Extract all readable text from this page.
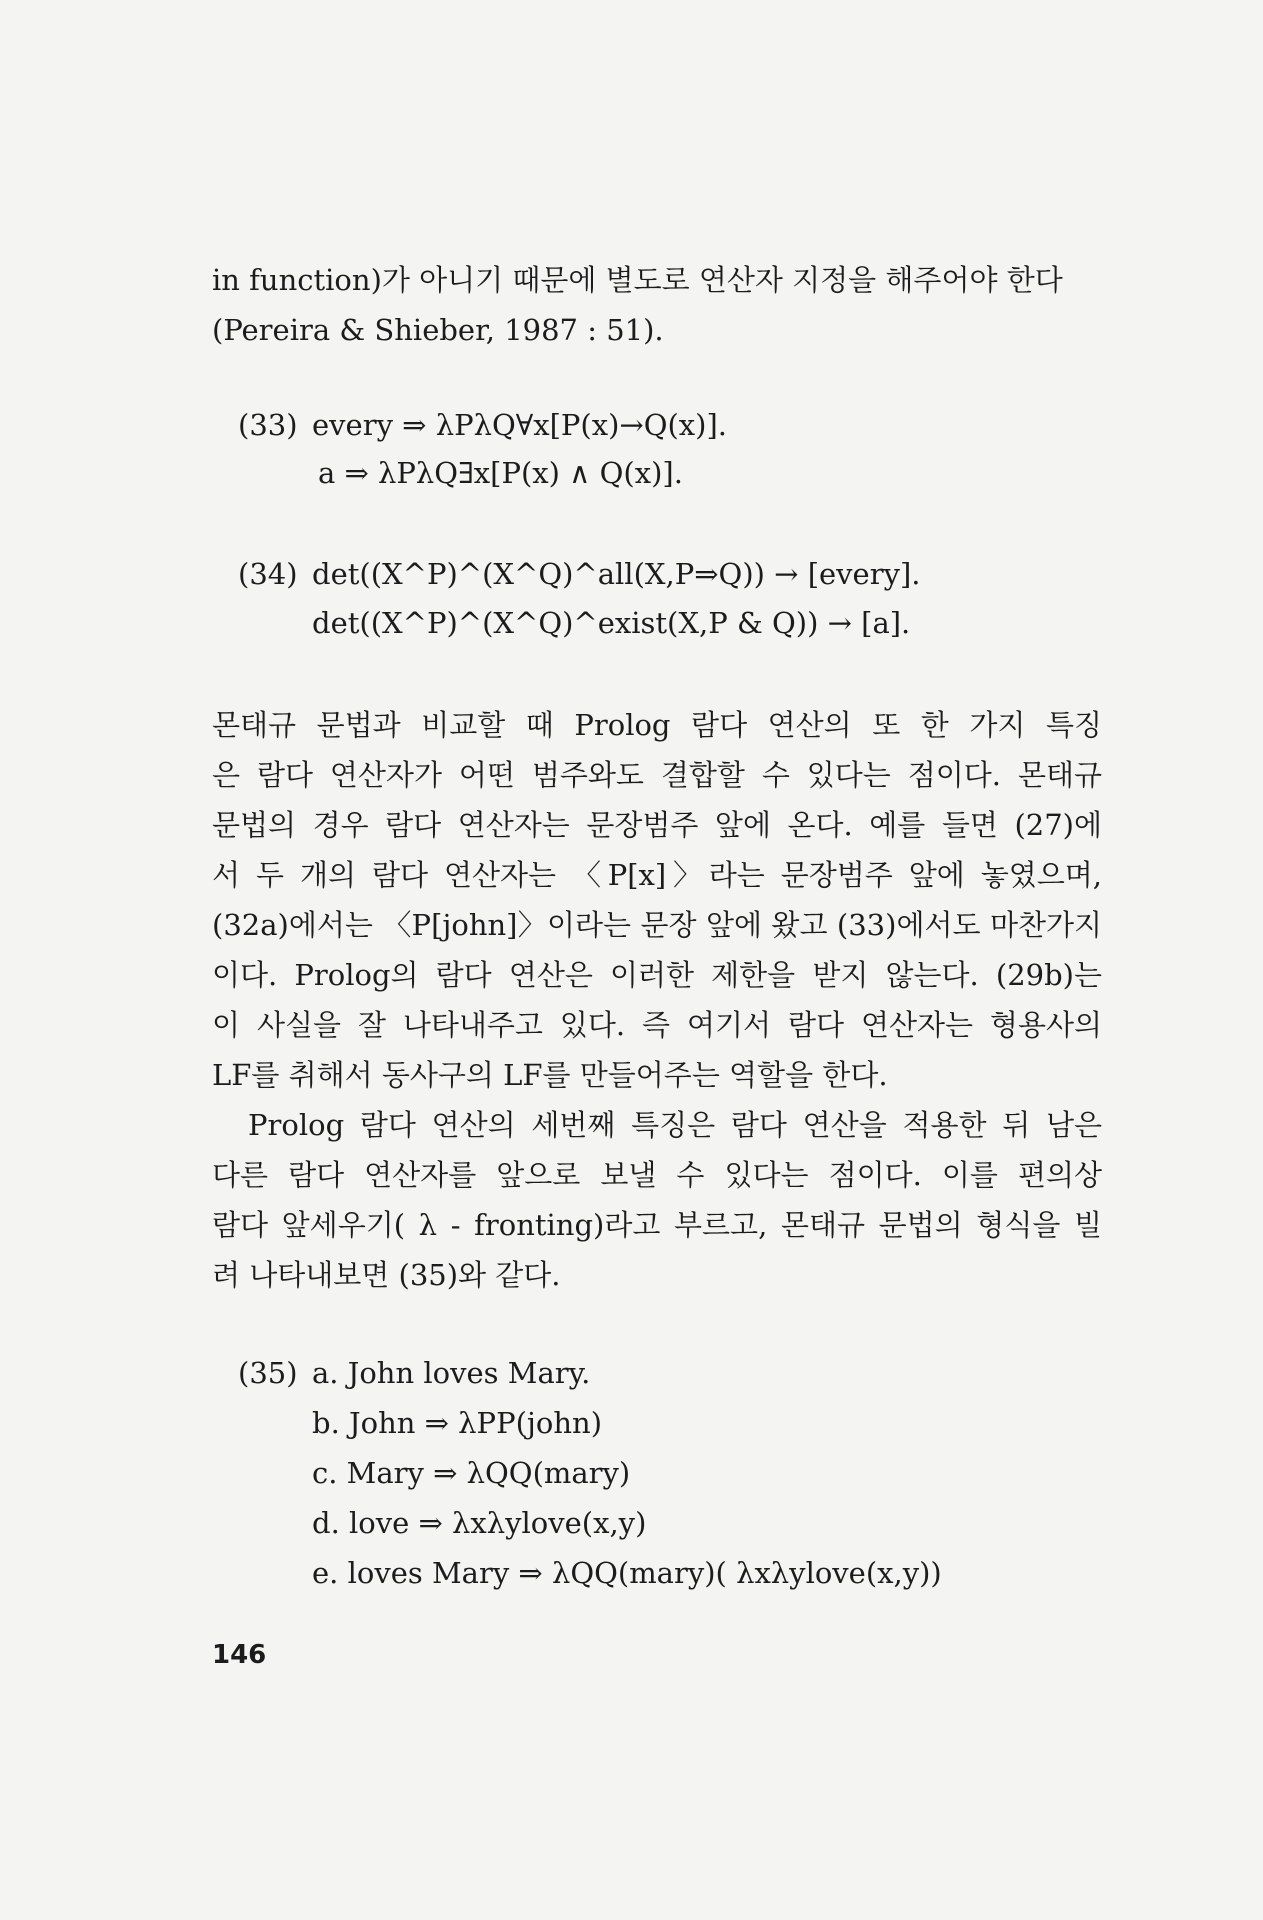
in function)가 아니기 때문에 별도로 연산자 지정을 해주어야 한다
(Pereira & Shieber, 1987 : 51).
(33) every ⇒ λPλQ∀x[P(x)→Q(x)].
a ⇒ λPλQ∃x[P(x) ∧ Q(x)].
(34) det((X^P)^(X^Q)^all(X,P⇒Q)) → [every].
det((X^P)^(X^Q)^exist(X,P & Q)) → [a].

몬태규 문법과 비교할 때 Prolog 람다 연산의 또 한 가지 특징
은 람다 연산자가 어떤 범주와도 결합할 수 있다는 점이다. 몬태규
문법의 경우 람다 연산자는 문장범주 앞에 온다. 예를 들면 (27)에
서 두 개의 람다 연산자는 〈P[x]〉라는 문장범주 앞에 놓였으며,
(32a)에서는 〈P[john]〉이라는 문장 앞에 왔고 (33)에서도 마찬가지
이다. Prolog의 람다 연산은 이러한 제한을 받지 않는다. (29b)는
이 사실을 잘 나타내주고 있다. 즉 여기서 람다 연산자는 형용사의
LF를 취해서 동사구의 LF를 만들어주는 역할을 한다.

Prolog 람다 연산의 세번째 특징은 람다 연산을 적용한 뒤 남은
다른 람다 연산자를 앞으로 보낼 수 있다는 점이다. 이를 편의상
람다 앞세우기( λ - fronting)라고 부르고, 몬태규 문법의 형식을 빌
려 나타내보면 (35)와 같다.

(35) a. John loves Mary.
b. John ⇒ λPP(john)
c. Mary ⇒ λQQ(mary)
d. love ⇒ λxλylove(x,y)
e. loves Mary ⇒ λQQ(mary)( λxλylove(x,y))
146
